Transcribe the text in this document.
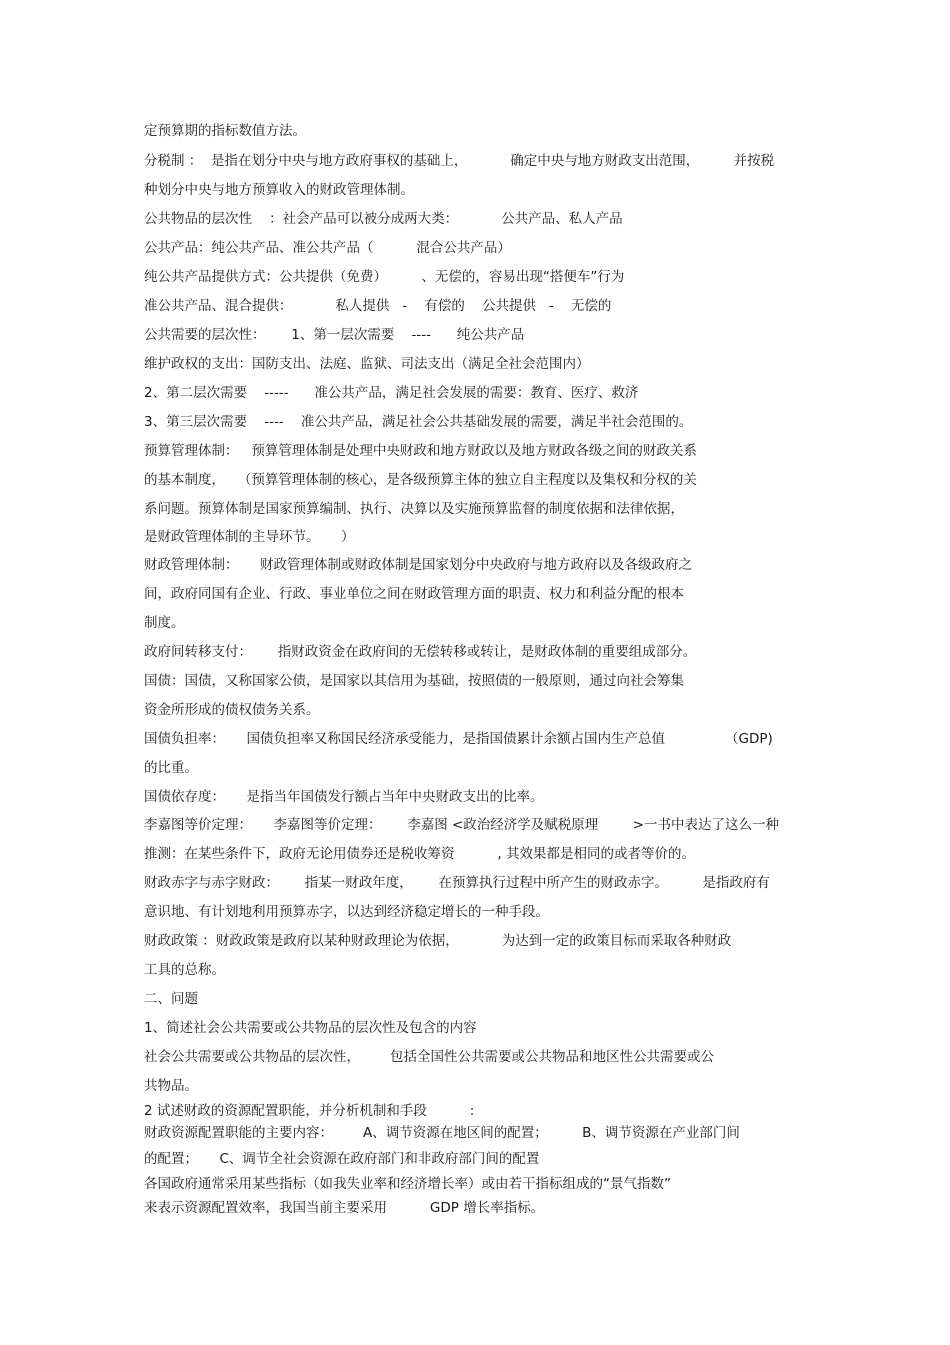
定预算期的指标数值方法。

分税制 ：  是指在划分中央与地方政府事权的基础上，          确定中央与地方财政支出范围，        并按税

种划分中央与地方预算收入的财政管理体制。

公共物品的层次性    ：社会产品可以被分成两大类：          公共产品、私人产品

公共产品：纯公共产品、准公共产品（          混合公共产品）

纯公共产品提供方式：公共提供（免费）        、无偿的，容易出现“搭便车”行为

准公共产品、混合提供：          私人提供   -    有偿的    公共提供   -    无偿的

公共需要的层次性：      1、第一层次需要    ----      纯公共产品

维护政权的支出：国防支出、法庭、监狱、司法支出（满足全社会范围内）

2、第二层次需要    -----      准公共产品，满足社会发展的需要：教育、医疗、救济

3、第三层次需要    ----    准公共产品，满足社会公共基础发展的需要，满足半社会范围的。

预算管理体制：   预算管理体制是处理中央财政和地方财政以及地方财政各级之间的财政关系

的基本制度，   （预算管理体制的核心，是各级预算主体的独立自主程度以及集权和分权的关

系问题。预算体制是国家预算编制、执行、决算以及实施预算监督的制度依据和法律依据，

是财政管理体制的主导环节。     ）

财政管理体制：     财政管理体制或财政体制是国家划分中央政府与地方政府以及各级政府之

间，政府同国有企业、行政、事业单位之间在财政管理方面的职责、权力和利益分配的根本

制度。

政府间转移支付：      指财政资金在政府间的无偿转移或转让，是财政体制的重要组成部分。

国债：国债，又称国家公债，是国家以其信用为基础，按照债的一般原则，通过向社会筹集

资金所形成的债权债务关系。

国债负担率：     国债负担率又称国民经济承受能力，是指国债累计余额占国内生产总值              （GDP)

的比重。

国债依存度：     是指当年国债发行额占当年中央财政支出的比率。

李嘉图等价定理：     李嘉图等价定理：      李嘉图 <政治经济学及赋税原理        >一书中表达了这么一种

推测：在某些条件下，政府无论用债券还是税收筹资          , 其效果都是相同的或者等价的。

财政赤字与赤字财政：      指某一财政年度，      在预算执行过程中所产生的财政赤字。        是指政府有

意识地、有计划地利用预算赤字，以达到经济稳定增长的一种手段。

财政政策 ：财政政策是政府以某种财政理论为依据，          为达到一定的政策目标而采取各种财政

工具的总称。

二、问题

1、简述社会公共需要或公共物品的层次性及包含的内容

社会公共需要或公共物品的层次性，       包括全国性公共需要或公共物品和地区性公共需要或公

共物品。

2 试述财政的资源配置职能，并分析机制和手段          :

财政资源配置职能的主要内容：       A、调节资源在地区间的配置；        B、调节资源在产业部门间

的配置；     C、调节全社会资源在政府部门和非政府部门间的配置

各国政府通常采用某些指标（如我失业率和经济增长率）或由若干指标组成的“景气指数”

来表示资源配置效率，我国当前主要采用          GDP 增长率指标。
